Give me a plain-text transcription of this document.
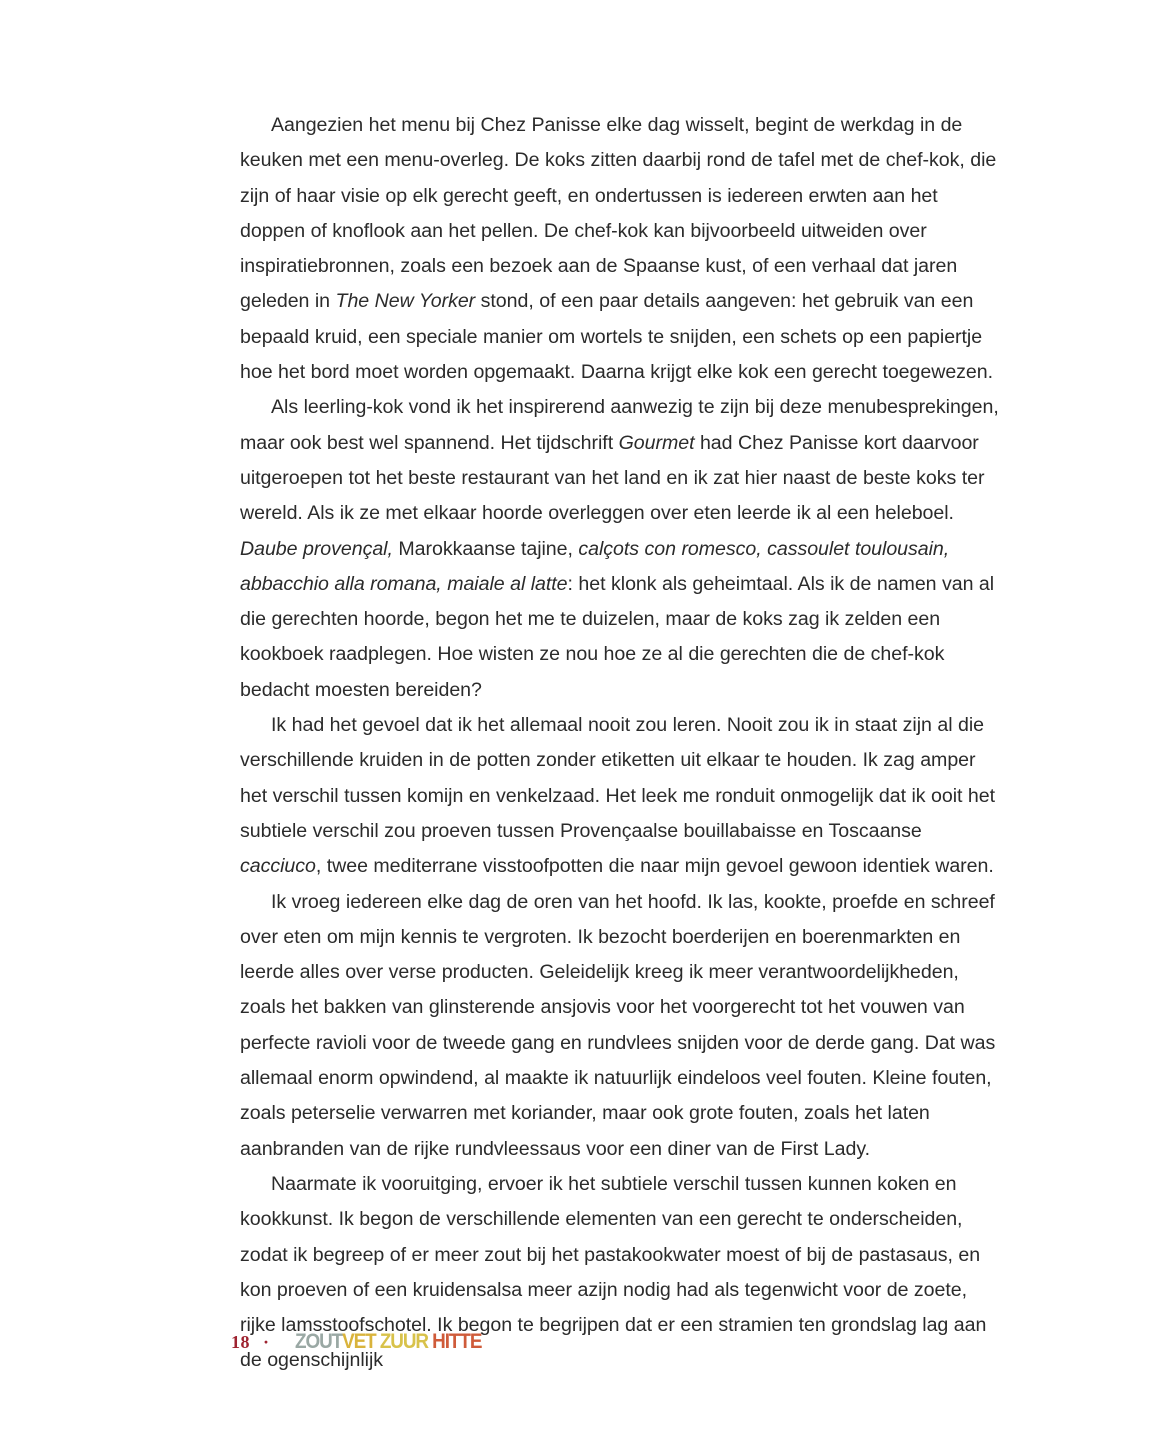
Aangezien het menu bij Chez Panisse elke dag wisselt, begint de werkdag in de keuken met een menu-overleg. De koks zitten daarbij rond de tafel met de chef-kok, die zijn of haar visie op elk gerecht geeft, en ondertussen is iedereen erwten aan het doppen of knoflook aan het pellen. De chef-kok kan bijvoorbeeld uitweiden over inspiratiebronnen, zoals een bezoek aan de Spaanse kust, of een verhaal dat jaren geleden in The New Yorker stond, of een paar details aangeven: het gebruik van een bepaald kruid, een speciale manier om wortels te snijden, een schets op een papiertje hoe het bord moet worden opgemaakt. Daarna krijgt elke kok een gerecht toegewezen.

Als leerling-kok vond ik het inspirerend aanwezig te zijn bij deze menubesprekingen, maar ook best wel spannend. Het tijdschrift Gourmet had Chez Panisse kort daarvoor uitgeroepen tot het beste restaurant van het land en ik zat hier naast de beste koks ter wereld. Als ik ze met elkaar hoorde overleggen over eten leerde ik al een heleboel. Daube provençal, Marokkaanse tajine, calçots con romesco, cassoulet toulousain, abbacchio alla romana, maiale al latte: het klonk als geheimtaal. Als ik de namen van al die gerechten hoorde, begon het me te duizelen, maar de koks zag ik zelden een kookboek raadplegen. Hoe wisten ze nou hoe ze al die gerechten die de chef-kok bedacht moesten bereiden?

Ik had het gevoel dat ik het allemaal nooit zou leren. Nooit zou ik in staat zijn al die verschillende kruiden in de potten zonder etiketten uit elkaar te houden. Ik zag amper het verschil tussen komijn en venkelzaad. Het leek me ronduit onmogelijk dat ik ooit het subtiele verschil zou proeven tussen Provençaalse bouillabaisse en Toscaanse cacciuco, twee mediterrane visstoofpotten die naar mijn gevoel gewoon identiek waren.

Ik vroeg iedereen elke dag de oren van het hoofd. Ik las, kookte, proefde en schreef over eten om mijn kennis te vergroten. Ik bezocht boerderijen en boerenmarkten en leerde alles over verse producten. Geleidelijk kreeg ik meer verantwoordelijkheden, zoals het bakken van glinsterende ansjovis voor het voorgerecht tot het vouwen van perfecte ravioli voor de tweede gang en rundvlees snijden voor de derde gang. Dat was allemaal enorm opwindend, al maakte ik natuurlijk eindeloos veel fouten. Kleine fouten, zoals peterselie verwarren met koriander, maar ook grote fouten, zoals het laten aanbranden van de rijke rundvleessaus voor een diner van de First Lady.

Naarmate ik vooruitging, ervoer ik het subtiele verschil tussen kunnen koken en kookkunst. Ik begon de verschillende elementen van een gerecht te onderscheiden, zodat ik begreep of er meer zout bij het pastakookwater moest of bij de pastasaus, en kon proeven of een kruidensalsa meer azijn nodig had als tegenwicht voor de zoete, rijke lamsstoofschotel. Ik begon te begrijpen dat er een stramien ten grondslag lag aan de ogenschijnlijk

18 · ZOUTVET ZUUR HITTE
